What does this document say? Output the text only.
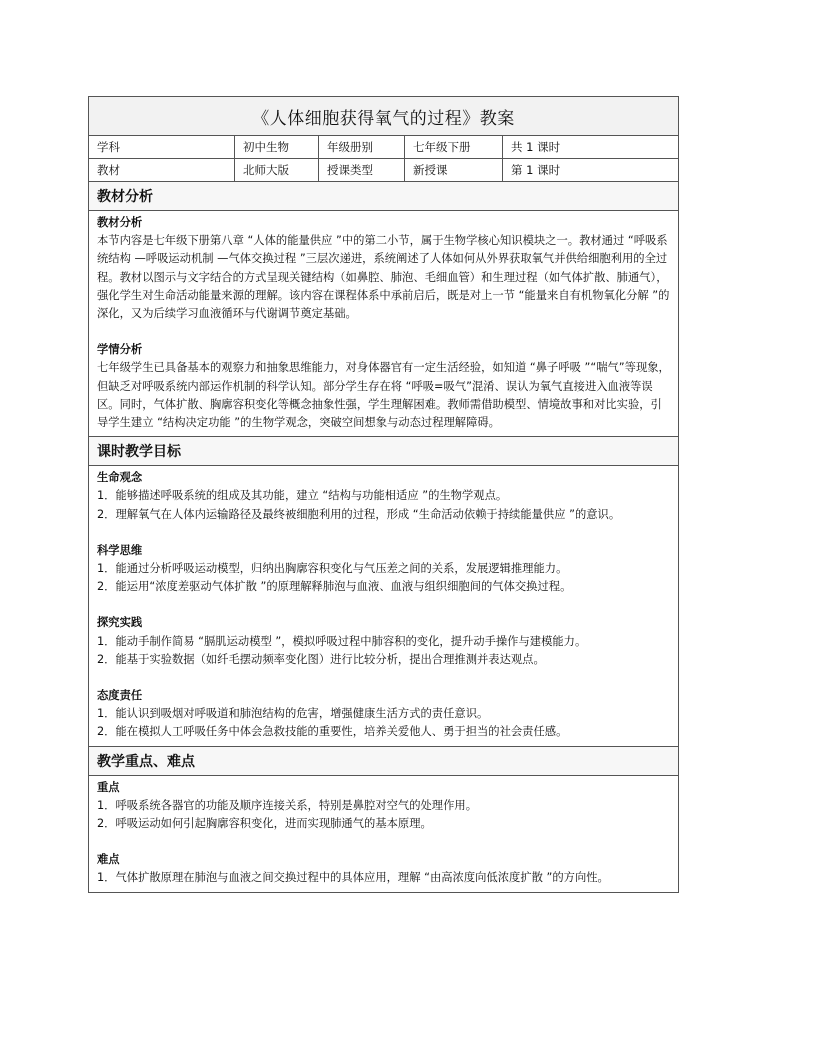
《人体细胞获得氧气的过程》教案
学科	初中生物	年级册别	七年级下册	共 1 课时
教材	北师大版	授课类型	新授课	第 1 课时
教材分析

教材分析

本节内容是七年级下册第八章 “人体的能量供应 ”中的第二小节，属于生物学核心知识模块之一。教材通过 “呼吸系统结构 —呼吸运动机制 —气体交换过程 ”三层次递进，系统阐述了人体如何从外界获取氧气并供给细胞利用的全过程。教材以图示与文字结合的方式呈现关键结构（如鼻腔、肺泡、毛细血管）和生理过程（如气体扩散、肺通气），强化学生对生命活动能量来源的理解。该内容在课程体系中承前启后，既是对上一节 “能量来自有机物氧化分解 ”的深化，又为后续学习血液循环与代谢调节奠定基础。

学情分析

七年级学生已具备基本的观察力和抽象思维能力，对身体器官有一定生活经验，如知道 “鼻子呼吸 ”“喘气”等现象，但缺乏对呼吸系统内部运作机制的科学认知。部分学生存在将 “呼吸=吸气”混淆、误认为氧气直接进入血液等误区。同时，气体扩散、胸廓容积变化等概念抽象性强，学生理解困难。教师需借助模型、情境故事和对比实验，引导学生建立 “结构决定功能 ”的生物学观念，突破空间想象与动态过程理解障碍。

课时教学目标

生命观念

1．能够描述呼吸系统的组成及其功能，建立 “结构与功能相适应 ”的生物学观点。

2．理解氧气在人体内运输路径及最终被细胞利用的过程，形成 “生命活动依赖于持续能量供应 ”的意识。

科学思维

1．能通过分析呼吸运动模型，归纳出胸廓容积变化与气压差之间的关系，发展逻辑推理能力。

2．能运用“浓度差驱动气体扩散 ”的原理解释肺泡与血液、血液与组织细胞间的气体交换过程。

探究实践

1．能动手制作简易 “膈肌运动模型 ”，模拟呼吸过程中肺容积的变化，提升动手操作与建模能力。

2．能基于实验数据（如纤毛摆动频率变化图）进行比较分析，提出合理推测并表达观点。

态度责任

1．能认识到吸烟对呼吸道和肺泡结构的危害，增强健康生活方式的责任意识。

2．能在模拟人工呼吸任务中体会急救技能的重要性，培养关爱他人、勇于担当的社会责任感。

教学重点、难点

重点

1．呼吸系统各器官的功能及顺序连接关系，特别是鼻腔对空气的处理作用。

2．呼吸运动如何引起胸廓容积变化，进而实现肺通气的基本原理。

难点

1．气体扩散原理在肺泡与血液之间交换过程中的具体应用，理解 “由高浓度向低浓度扩散 ”的方向性。
